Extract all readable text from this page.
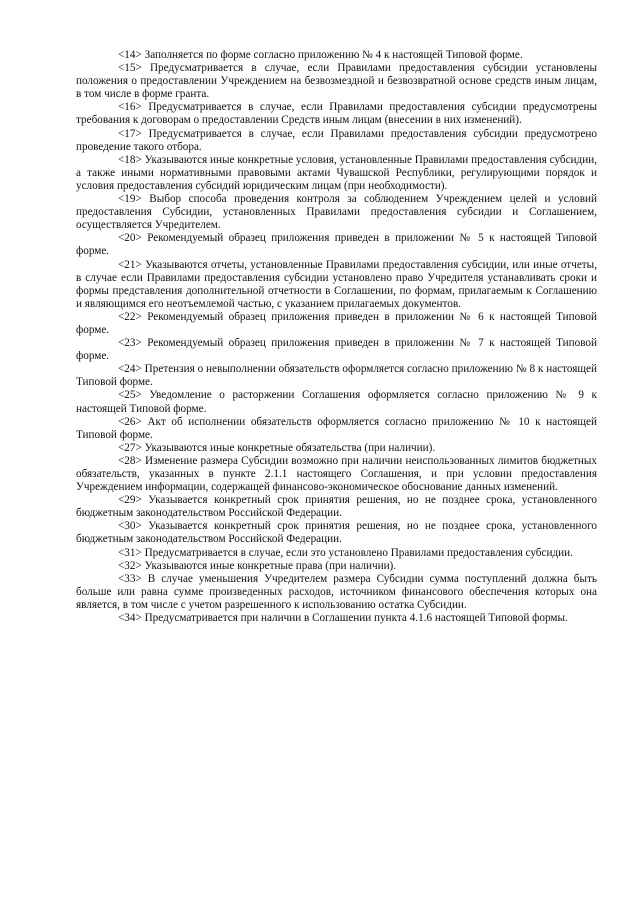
<14> Заполняется по форме согласно приложению № 4 к настоящей Типовой форме.

<15> Предусматривается в случае, если Правилами предоставления субсидии установлены положения о предоставлении Учреждением на безвозмездной и безвозвратной основе средств иным лицам, в том числе в форме гранта.

<16> Предусматривается в случае, если Правилами предоставления субсидии предусмотрены требования к договорам о предоставлении Средств иным лицам (внесении в них изменений).

<17> Предусматривается в случае, если Правилами предоставления субсидии предусмотрено проведение такого отбора.

<18> Указываются иные конкретные условия, установленные Правилами предоставления субсидии, а также иными нормативными правовыми актами Чувашской Республики, регулирующими порядок и условия предоставления субсидий юридическим лицам (при необходимости).

<19> Выбор способа проведения контроля за соблюдением Учреждением целей и условий предоставления Субсидии, установленных Правилами предоставления субсидии и Соглашением, осуществляется Учредителем.

<20> Рекомендуемый образец приложения приведен в приложении № 5 к настоящей Типовой форме.

<21> Указываются отчеты, установленные Правилами предоставления субсидии, или иные отчеты, в случае если Правилами предоставления субсидии установлено право Учредителя устанавливать сроки и формы представления дополнительной отчетности в Соглашении, по формам, прилагаемым к Соглашению и являющимся его неотъемлемой частью, с указанием прилагаемых документов.

<22> Рекомендуемый образец приложения приведен в приложении № 6 к настоящей Типовой форме.

<23> Рекомендуемый образец приложения приведен в приложении № 7 к настоящей Типовой форме.

<24> Претензия о невыполнении обязательств оформляется согласно приложению № 8 к настоящей Типовой форме.

<25> Уведомление о расторжении Соглашения оформляется согласно приложению № 9 к настоящей Типовой форме.

<26> Акт об исполнении обязательств оформляется согласно приложению № 10 к настоящей Типовой форме.

<27> Указываются иные конкретные обязательства (при наличии).

<28> Изменение размера Субсидии возможно при наличии неиспользованных лимитов бюджетных обязательств, указанных в пункте 2.1.1 настоящего Соглашения, и при условии предоставления Учреждением информации, содержащей финансово-экономическое обоснование данных изменений.

<29> Указывается конкретный срок принятия решения, но не позднее срока, установленного бюджетным законодательством Российской Федерации.

<30> Указывается конкретный срок принятия решения, но не позднее срока, установленного бюджетным законодательством Российской Федерации.

<31> Предусматривается в случае, если это установлено Правилами предоставления субсидии.

<32> Указываются иные конкретные права (при наличии).

<33> В случае уменьшения Учредителем размера Субсидии сумма поступлений должна быть больше или равна сумме произведенных расходов, источником финансового обеспечения которых она является, в том числе с учетом разрешенного к использованию остатка Субсидии.

<34> Предусматривается при наличии в Соглашении пункта 4.1.6 настоящей Типовой формы.
